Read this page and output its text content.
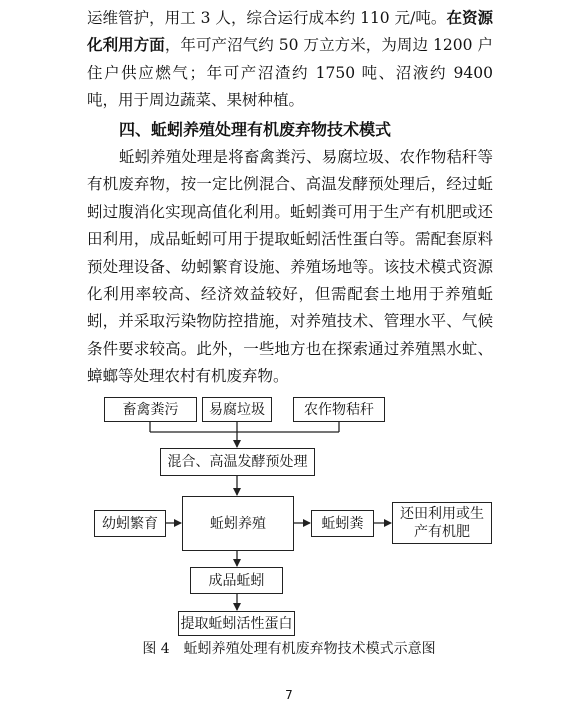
运维管护，用工 3 人，综合运行成本约 110 元/吨。在资源化利用方面，年可产沼气约 50 万立方米，为周边 1200 户住户供应燃气；年可产沼渣约 1750 吨、沼液约 9400 吨，用于周边蔬菜、果树种植。

四、蚯蚓养殖处理有机废弃物技术模式

蚯蚓养殖处理是将畜禽粪污、易腐垃圾、农作物秸秆等有机废弃物，按一定比例混合、高温发酵预处理后，经过蚯蚓过腹消化实现高值化利用。蚯蚓粪可用于生产有机肥或还田利用，成品蚯蚓可用于提取蚯蚓活性蛋白等。需配套原料预处理设备、幼蚓繁育设施、养殖场地等。该技术模式资源化利用率较高、经济效益较好，但需配套土地用于养殖蚯蚓，并采取污染物防控措施，对养殖技术、管理水平、气候条件要求较高。此外，一些地方也在探索通过养殖黑水虻、蟑螂等处理农村有机废弃物。

畜禽粪污	易腐垃圾	农作物秸秆
混合、高温发酵预处理
幼蚓繁育	蚯蚓养殖	蚯蚓粪
还田利用或生产有机肥
成品蚯蚓
提取蚯蚓活性蛋白
图 4　蚯蚓养殖处理有机废弃物技术模式示意图
7
